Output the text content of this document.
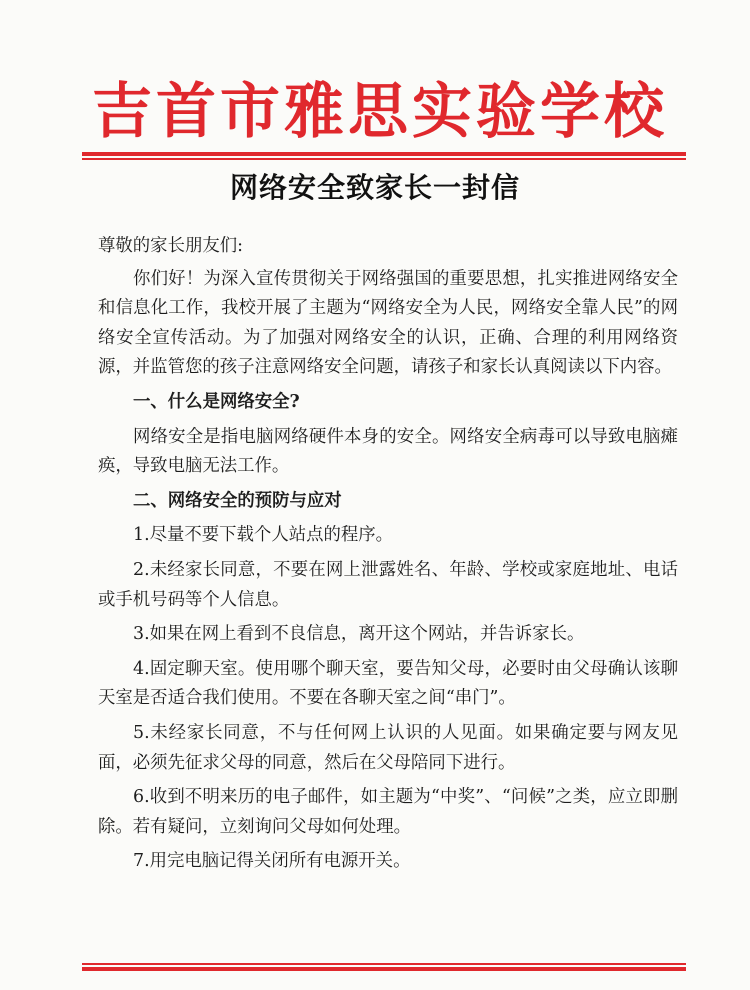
吉首市雅思实验学校
网络安全致家长一封信

尊敬的家长朋友们:

你们好！为深入宣传贯彻关于网络强国的重要思想，扎实推进网络安全和信息化工作，我校开展了主题为“网络安全为人民，网络安全靠人民”的网络安全宣传活动。为了加强对网络安全的认识，正确、合理的利用网络资源，并监管您的孩子注意网络安全问题，请孩子和家长认真阅读以下内容。

一、什么是网络安全?

网络安全是指电脑网络硬件本身的安全。网络安全病毒可以导致电脑瘫痪，导致电脑无法工作。

二、网络安全的预防与应对

1.尽量不要下载个人站点的程序。

2.未经家长同意，不要在网上泄露姓名、年龄、学校或家庭地址、电话或手机号码等个人信息。

3.如果在网上看到不良信息，离开这个网站，并告诉家长。

4.固定聊天室。使用哪个聊天室，要告知父母，必要时由父母确认该聊天室是否适合我们使用。不要在各聊天室之间“串门”。

5.未经家长同意，不与任何网上认识的人见面。如果确定要与网友见面，必须先征求父母的同意，然后在父母陪同下进行。

6.收到不明来历的电子邮件，如主题为“中奖”、“问候”之类，应立即删除。若有疑问，立刻询问父母如何处理。

7.用完电脑记得关闭所有电源开关。
